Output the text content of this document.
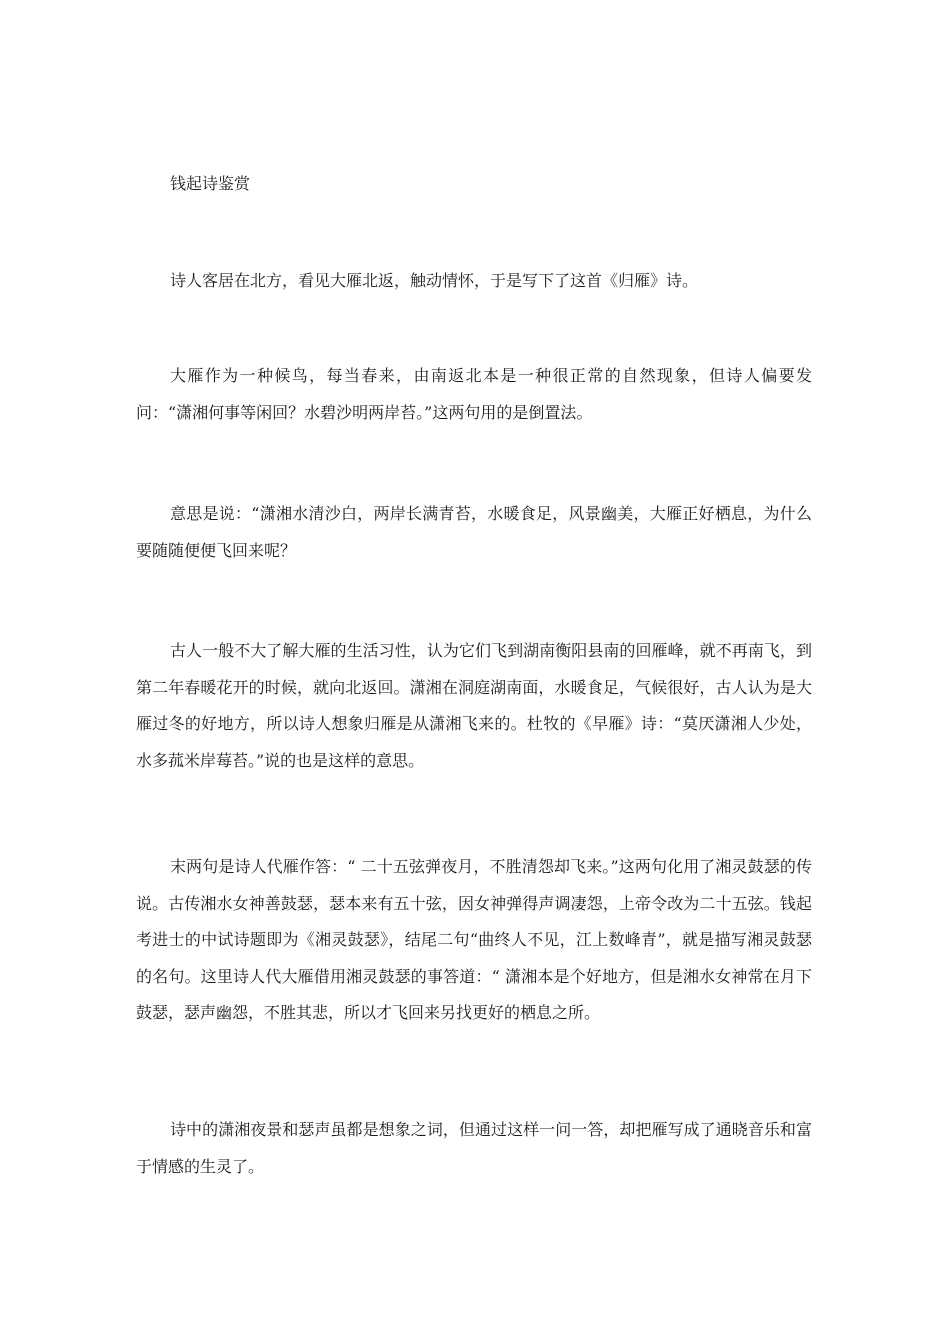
钱起诗鉴赏

诗人客居在北方，看见大雁北返，触动情怀，于是写下了这首《归雁》诗。

大雁作为一种候鸟，每当春来，由南返北本是一种很正常的自然现象，但诗人偏要发问：“潇湘何事等闲回？水碧沙明两岸苔。”这两句用的是倒置法。

意思是说：“潇湘水清沙白，两岸长满青苔，水暖食足，风景幽美，大雁正好栖息，为什么要随随便便飞回来呢？

古人一般不大了解大雁的生活习性，认为它们飞到湖南衡阳县南的回雁峰，就不再南飞，到第二年春暖花开的时候，就向北返回。潇湘在洞庭湖南面，水暖食足，气候很好，古人认为是大雁过冬的好地方，所以诗人想象归雁是从潇湘飞来的。杜牧的《早雁》诗：“莫厌潇湘人少处，水多菰米岸莓苔。”说的也是这样的意思。

末两句是诗人代雁作答：“ 二十五弦弹夜月，不胜清怨却飞来。”这两句化用了湘灵鼓瑟的传说。古传湘水女神善鼓瑟，瑟本来有五十弦，因女神弹得声调凄怨，上帝令改为二十五弦。钱起考进士的中试诗题即为《湘灵鼓瑟》，结尾二句“曲终人不见，江上数峰青”，就是描写湘灵鼓瑟的名句。这里诗人代大雁借用湘灵鼓瑟的事答道：“ 潇湘本是个好地方，但是湘水女神常在月下鼓瑟，瑟声幽怨，不胜其悲，所以才飞回来另找更好的栖息之所。

诗中的潇湘夜景和瑟声虽都是想象之词，但通过这样一问一答，却把雁写成了通晓音乐和富于情感的生灵了。
